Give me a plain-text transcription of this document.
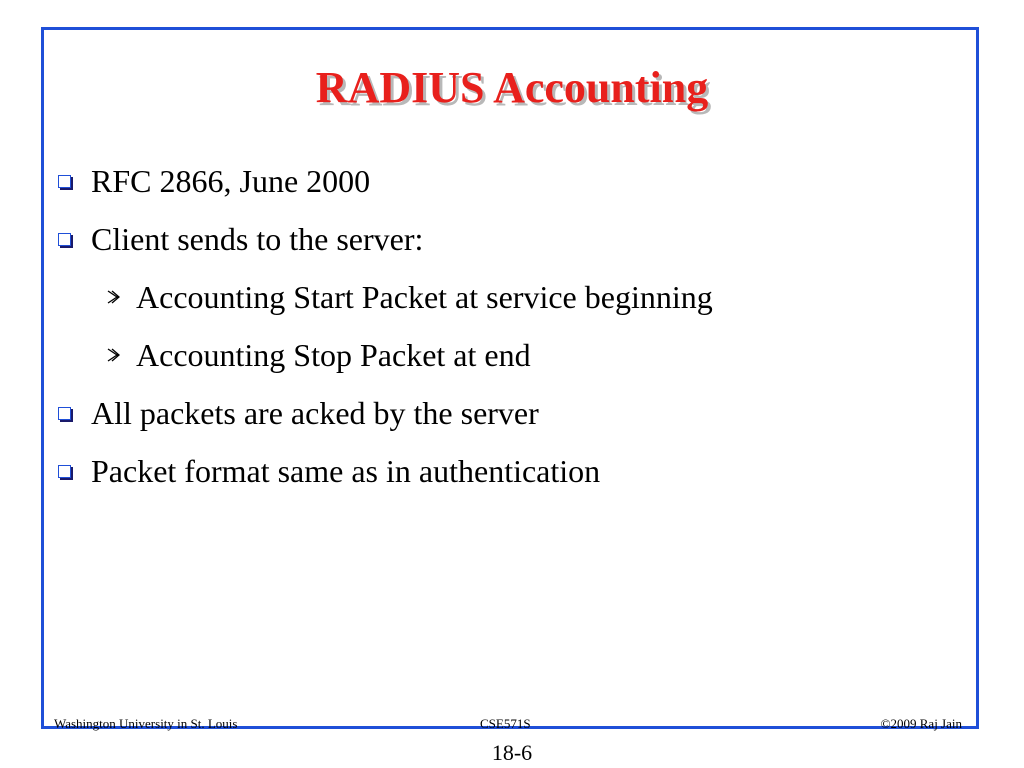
RADIUS Accounting
RFC 2866, June 2000
Client sends to the server:
Accounting Start Packet at service beginning
Accounting Stop Packet at end
All packets are acked by the server
Packet format same as in authentication
Washington University in St. Louis	CSE571S	©2009 Raj Jain
18-6
